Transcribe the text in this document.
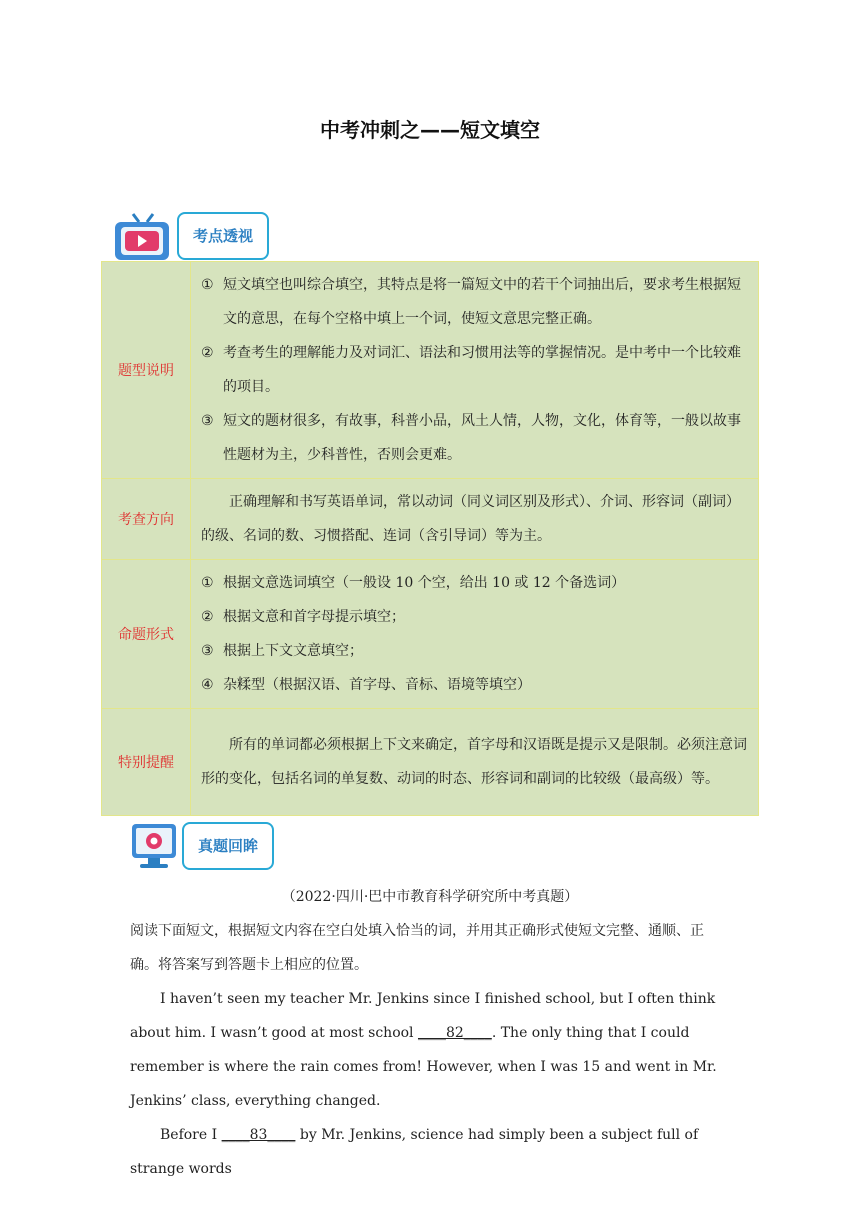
中考冲刺之——短文填空
考点透视
题型说明	① 短文填空也叫综合填空，其特点是将一篇短文中的若干个词抽出后，要求考生根据短文的意思，在每个空格中填上一个词，使短文意思完整正确。
② 考查考生的理解能力及对词汇、语法和习惯用法等的掌握情况。是中考中一个比较难的项目。
③ 短文的题材很多，有故事，科普小品，风土人情，人物，文化，体育等，一般以故事性题材为主，少科普性，否则会更难。

考查方向	正确理解和书写英语单词，常以动词（同义词区别及形式）、介词、形容词（副词）的级、名词的数、习惯搭配、连词（含引导词）等为主。
命题形式	① 根据文意选词填空（一般设 10 个空，给出 10 或 12 个备选词）
② 根据文意和首字母提示填空；
③ 根据上下文文意填空；
④ 杂糅型（根据汉语、首字母、音标、语境等填空）

特别提醒	所有的单词都必须根据上下文来确定，首字母和汉语既是提示又是限制。必须注意词形的变化，包括名词的单复数、动词的时态、形容词和副词的比较级（最高级）等。
真题回眸
（2022·四川·巴中市教育科学研究所中考真题）

阅读下面短文，根据短文内容在空白处填入恰当的词，并用其正确形式使短文完整、通顺、正确。将答案写到答题卡上相应的位置。

I haven’t seen my teacher Mr. Jenkins since I finished school, but I often think about him. I wasn’t good at most school ____82____. The only thing that I could remember is where the rain comes from! However, when I was 15 and went in Mr. Jenkins’ class, everything changed.

Before I ____83____ by Mr. Jenkins, science had simply been a subject full of strange words
